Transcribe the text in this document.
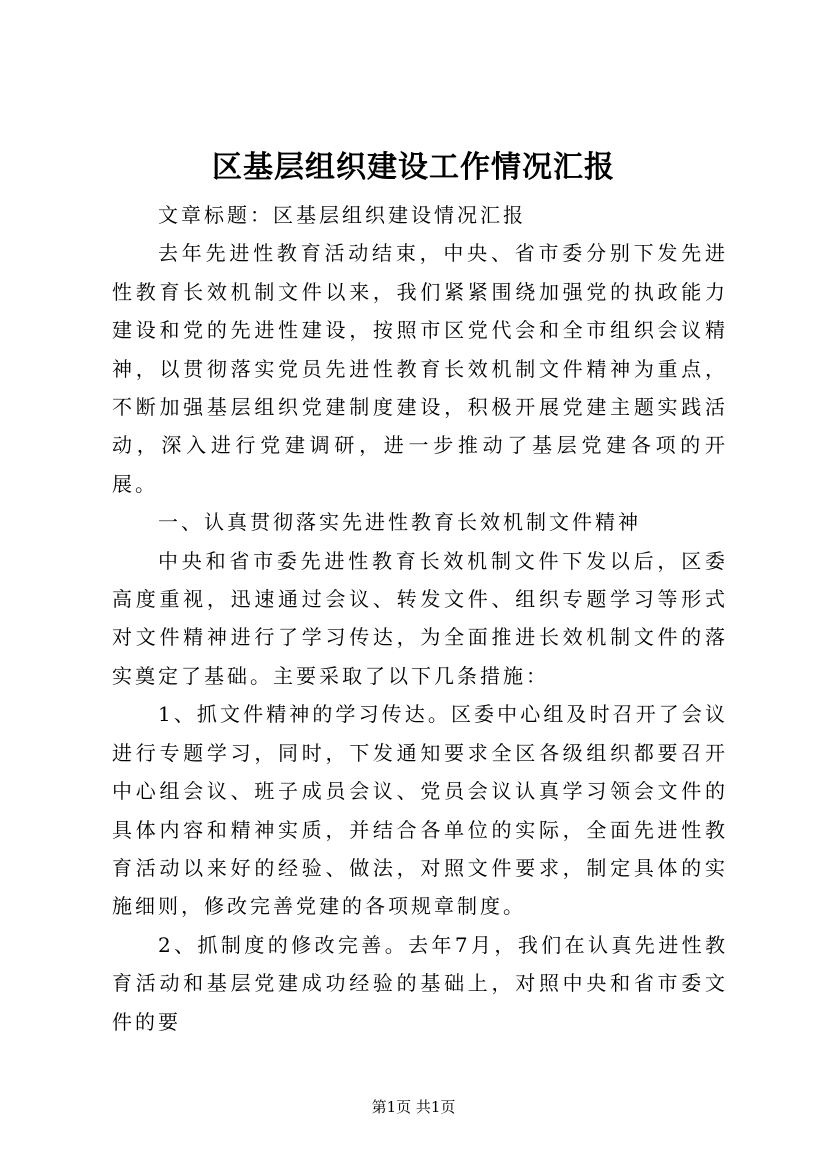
区基层组织建设工作情况汇报

文章标题：区基层组织建设情况汇报

去年先进性教育活动结束，中央、省市委分别下发先进性教育长效机制文件以来，我们紧紧围绕加强党的执政能力建设和党的先进性建设，按照市区党代会和全市组织会议精神，以贯彻落实党员先进性教育长效机制文件精神为重点，不断加强基层组织党建制度建设，积极开展党建主题实践活动，深入进行党建调研，进一步推动了基层党建各项的开展。

一、认真贯彻落实先进性教育长效机制文件精神

中央和省市委先进性教育长效机制文件下发以后，区委高度重视，迅速通过会议、转发文件、组织专题学习等形式对文件精神进行了学习传达，为全面推进长效机制文件的落实奠定了基础。主要采取了以下几条措施：

1、抓文件精神的学习传达。区委中心组及时召开了会议进行专题学习，同时，下发通知要求全区各级组织都要召开中心组会议、班子成员会议、党员会议认真学习领会文件的具体内容和精神实质，并结合各单位的实际，全面先进性教育活动以来好的经验、做法，对照文件要求，制定具体的实施细则，修改完善党建的各项规章制度。

2、抓制度的修改完善。去年7月，我们在认真先进性教育活动和基层党建成功经验的基础上，对照中央和省市委文件的要

第1页 共1页
